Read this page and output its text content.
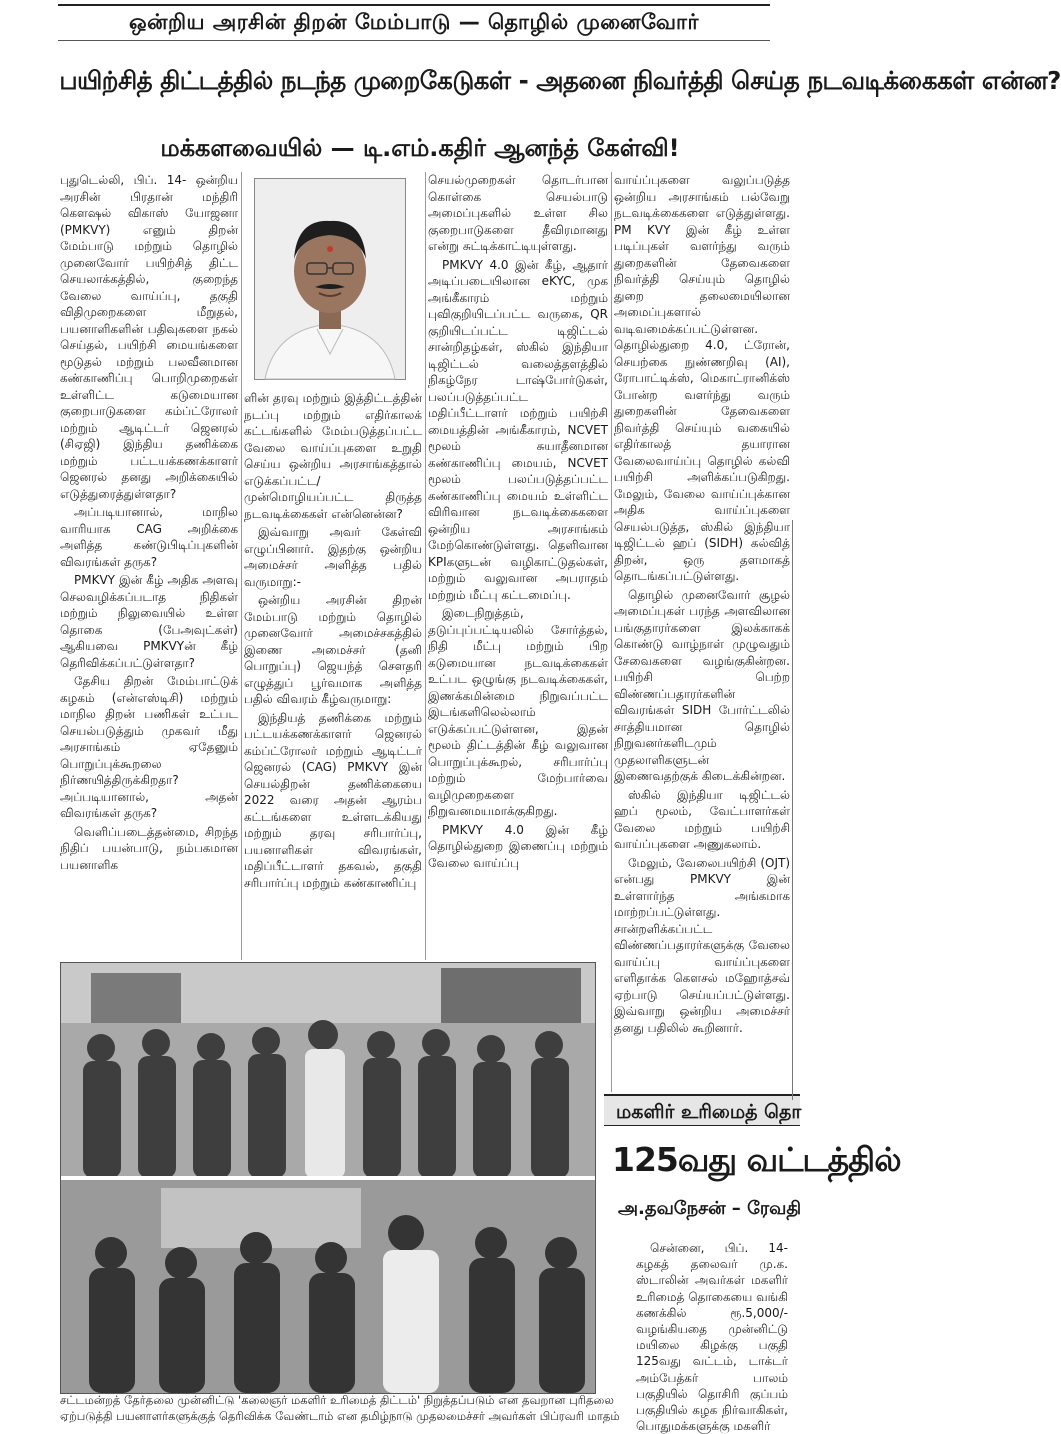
ஒன்றிய அரசின் திறன் மேம்பாடு — தொழில் முனைவோர்
பயிற்சித் திட்டத்தில் நடந்த முறைகேடுகள் - அதனை நிவர்த்தி செய்த நடவடிக்கைகள் என்ன?
மக்களவையில் — டி.எம்.கதிர் ஆனந்த் கேள்வி!

புதுடெல்லி, பிப். 14- ஒன்றிய அரசின் பிரதான் மந்திரி கௌஷல் விகாஸ் யோஜனா (PMKVY) எனும் திறன் மேம்பாடு மற்றும் தொழில் முனைவோர் பயிற்சித் திட்ட செயலாக்கத்தில், குறைந்த வேலை வாய்ப்பு, தகுதி விதிமுறைகளை மீறுதல், பயனாளிகளின் பதிவுகளை நகல் செய்தல், பயிற்சி மையங்களை மூடுதல் மற்றும் பலவீனமான கண்காணிப்பு பொறிமுறைகள் உள்ளிட்ட கடுமையான குறைபாடுகளை கம்ப்ட்ரோலர் மற்றும் ஆடிட்டர் ஜெனரல் (சிஏஜி) இந்திய தணிக்கை மற்றும் பட்டயக்கணக்காளர் ஜெனரல் தனது அறிக்கையில் எடுத்துரைத்துள்ளதா?

அப்படியானால், மாநில வாரியாக CAG அறிக்கை அளித்த கண்டுபிடிப்புகளின் விவரங்கள் தருக?

PMKVY இன் கீழ் அதிக அளவு செலவழிக்கப்படாத நிதிகள் மற்றும் நிலுவையில் உள்ள தொகை (பேஅவுட்கள்) ஆகியவை PMKVYன் கீழ் தெரிவிக்கப்பட்டுள்ளதா?

தேசிய திறன் மேம்பாட்டுக் கழகம் (என்எஸ்டிசி) மற்றும் மாநில திறன் பணிகள் உட்பட செயல்படுத்தும் முகவர் மீது அரசாங்கம் ஏதேனும் பொறுப்புக்கூறலை நிர்ணயித்திருக்கிறதா? அப்படியானால், அதன் விவரங்கள் தருக?

வெளிப்படைத்தன்மை, சிறந்த நிதிப் பயன்பாடு, நம்பகமான பயனாளிக

ளின் தரவு மற்றும் இத்திட்டத்தின் நடப்பு மற்றும் எதிர்காலக் கட்டங்களில் மேம்படுத்தப்பட்ட வேலை வாய்ப்புகளை உறுதி செய்ய ஒன்றிய அரசாங்கத்தால் எடுக்கப்பட்ட/முன்மொழியப்பட்ட திருத்த நடவடிக்கைகள் என்னென்ன?

இவ்வாறு அவர் கேள்வி எழுப்பினார். இதற்கு ஒன்றிய அமைச்சர் அளித்த பதில் வருமாறு:-

ஒன்றிய அரசின் திறன் மேம்பாடு மற்றும் தொழில் முனைவோர் அமைச்சகத்தில் இணை அமைச்சர் (தனி பொறுப்பு) ஜெயந்த் சௌதரி எழுத்துப் பூர்வமாக அளித்த பதில் விவரம் கீழ்வருமாறு:

இந்தியத் தணிக்கை மற்றும் பட்டயக்கணக்காளர் ஜெனரல் கம்ப்ட்ரோலர் மற்றும் ஆடிட்டர் ஜெனரல் (CAG) PMKVY இன் செயல்திறன் தணிக்கையை 2022 வரை அதன் ஆரம்ப கட்டங்களை உள்ளடக்கியது மற்றும் தரவு சரிபார்ப்பு, பயனாளிகள் விவரங்கள், மதிப்பீட்டாளர் தகவல், தகுதி சரிபார்ப்பு மற்றும் கண்காணிப்பு

செயல்முறைகள் தொடர்பான கொள்கை செயல்பாடு அமைப்புகளில் உள்ள சில குறைபாடுகளை தீவிரமானது என்று சுட்டிக்காட்டியுள்ளது.

PMKVY 4.0 இன் கீழ், ஆதார் அடிப்படையிலான eKYC, முக அங்கீகாரம் மற்றும் புவிகுறியிடப்பட்ட வருகை, QR குறியிடப்பட்ட டிஜிட்டல் சான்றிதழ்கள், ஸ்கில் இந்தியா டிஜிட்டல் வலைத்தளத்தில் நிகழ்நேர டாஷ்போர்டுகள், பலப்படுத்தப்பட்ட மதிப்பீட்டாளர் மற்றும் பயிற்சி மையத்தின் அங்கீகாரம், NCVET மூலம் சுயாதீனமான கண்காணிப்பு மையம், NCVET மூலம் பலப்படுத்தப்பட்ட கண்காணிப்பு மையம் உள்ளிட்ட விரிவான நடவடிக்கைகளை ஒன்றிய அரசாங்கம் மேற்கொண்டுள்ளது. தெளிவான KPIகளுடன் வழிகாட்டுதல்கள், மற்றும் வலுவான அபராதம் மற்றும் மீட்பு கட்டமைப்பு.

இடைநிறுத்தம், தடுப்புப்பட்டியலில் சோர்த்தல், நிதி மீட்பு மற்றும் பிற கடுமையான நடவடிக்கைகள் உட்பட ஒழுங்கு நடவடிக்கைகள், இணக்கமின்மை நிறுவப்பட்ட இடங்களிலெல்லாம் எடுக்கப்பட்டுள்ளன, இதன் மூலம் திட்டத்தின் கீழ் வலுவான பொறுப்புக்கூறல், சரிபார்ப்பு மற்றும் மேற்பார்வை வழிமுறைகளை நிறுவனமயமாக்குகிறது.

PMKVY 4.0 இன் கீழ் தொழில்துறை இணைப்பு மற்றும் வேலை வாய்ப்பு

வாய்ப்புகளை வலுப்படுத்த ஒன்றிய அரசாங்கம் பல்வேறு நடவடிக்கைகளை எடுத்துள்ளது. PM KVY இன் கீழ் உள்ள படிப்புகள் வளர்ந்து வரும் துறைகளின் தேவைகளை நிவர்த்தி செய்யும் தொழில் துறை தலைமையிலான அமைப்புகளால் வடிவமைக்கப்பட்டுள்ளன. தொழில்துறை 4.0, ட்ரோன், செயற்கை நுண்ணறிவு (AI), ரோபாட்டிக்ஸ், மெகாட்ரானிக்ஸ் போன்ற வளர்ந்து வரும் துறைகளின் தேவைகளை நிவர்த்தி செய்யும் வகையில் எதிர்காலத் தயாரான வேலைவாய்ப்பு தொழில் கல்வி பயிற்சி அளிக்கப்படுகிறது. மேலும், வேலை வாய்ப்புக்கான அதிக வாய்ப்புகளை செயல்படுத்த, ஸ்கில் இந்தியா டிஜிட்டல் ஹப் (SIDH) கல்வித் திறன், ஒரு தளமாகத் தொடங்கப்பட்டுள்ளது.

தொழில் முனைவோர் சூழல் அமைப்புகள் பரந்த அளவிலான பங்குதாரர்களை இலக்காகக் கொண்டு வாழ்நாள் முழுவதும் சேவைகளை வழங்குகின்றன. பயிற்சி பெற்ற விண்ணப்பதாரர்களின் விவரங்கள் SIDH போர்ட்டலில் சாத்தியமான தொழில் நிறுவனர்களிடமும் முதலாளிகளுடன் இணைவதற்குக் கிடைக்கின்றன.

ஸ்கில் இந்தியா டிஜிட்டல் ஹப் மூலம், வேட்பாளர்கள் வேலை மற்றும் பயிற்சி வாய்ப்புகளை அணுகலாம்.

மேலும், வேலைபயிற்சி (OJT) என்பது PMKVY இன் உள்ளார்ந்த அங்கமாக மாற்றப்பட்டுள்ளது. சான்றளிக்கப்பட்ட விண்ணப்பதாரர்களுக்கு வேலை வாய்ப்பு வாய்ப்புகளை எளிதாக்க கௌசல் மஹோத்சவ் ஏற்பாடு செய்யப்பட்டுள்ளது. இவ்வாறு ஒன்றிய அமைச்சர் தனது பதிலில் கூறினார்.

சட்டமன்றத் தேர்தலை முன்னிட்டு 'கலைஞர் மகளிர் உரிமைத் திட்டம்' நிறுத்தப்படும் என தவறான புரிதலை
ஏற்படுத்தி பயனாளர்களுக்குத் தெரிவிக்க வேண்டாம் என தமிழ்நாடு முதலமைச்சர் அவர்கள் பிப்ரவரி மாதம்
மகளிர் உரிமைத் தொ
125வது வட்டத்தில்
அ.தவநேசன் – ரேவதி

சென்னை, பிப். 14- கழகத் தலைவர் மு.க. ஸ்டாலின் அவர்கள் மகளிர் உரிமைத் தொகையை வங்கி கணக்கில் ரூ.5,000/- வழங்கியதை முன்னிட்டு மயிலை கிழக்கு பகுதி 125வது வட்டம், டாக்டர் அம்பேத்கர் பாலம் பகுதியில் தொசிரி குப்பம் பகுதியில் கழக நிர்வாகிகள், பொதுமக்களுக்கு மகளிர்
